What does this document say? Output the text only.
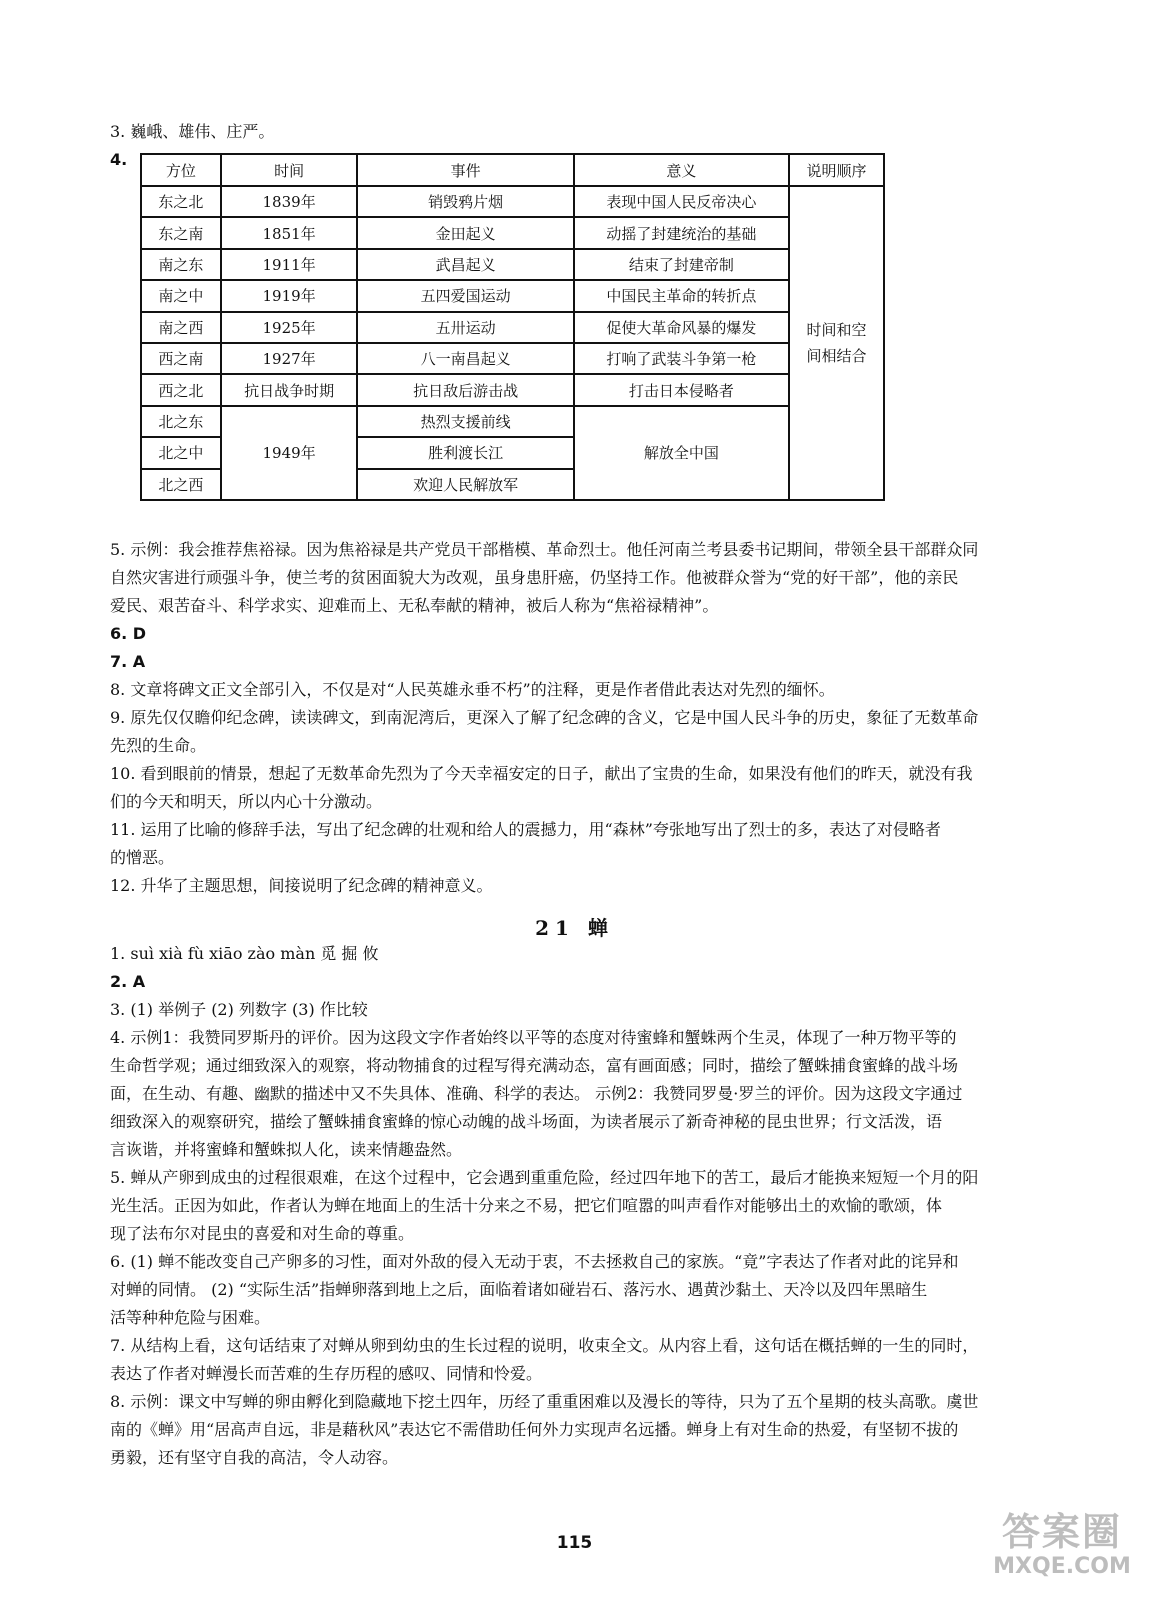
3. 巍峨、雄伟、庄严。
4.
方位	时间	事件	意义	说明顺序
东之北	1839年	销毁鸦片烟	表现中国人民反帝决心	时间和空间相结合
东之南	1851年	金田起义	动摇了封建统治的基础	
南之东	1911年	武昌起义	结束了封建帝制	
南之中	1919年	五四爱国运动	中国民主革命的转折点	
南之西	1925年	五卅运动	促使大革命风暴的爆发	
西之南	1927年	八一南昌起义	打响了武装斗争第一枪	
西之北	抗日战争时期	抗日敌后游击战	打击日本侵略者	
北之东	1949年	热烈支援前线	解放全中国	
北之中		胜利渡长江		
北之西		欢迎人民解放军		
5. 示例：我会推荐焦裕禄。因为焦裕禄是共产党员干部楷模、革命烈士。他任河南兰考县委书记期间，带领全县干部群众同
自然灾害进行顽强斗争，使兰考的贫困面貌大为改观，虽身患肝癌，仍坚持工作。他被群众誉为“党的好干部”，他的亲民
爱民、艰苦奋斗、科学求实、迎难而上、无私奉献的精神，被后人称为“焦裕禄精神”。
6. D
7. A
8. 文章将碑文正文全部引入，不仅是对“人民英雄永垂不朽”的注释，更是作者借此表达对先烈的缅怀。
9. 原先仅仅瞻仰纪念碑，读读碑文，到南泥湾后，更深入了解了纪念碑的含义，它是中国人民斗争的历史，象征了无数革命
先烈的生命。
10. 看到眼前的情景，想起了无数革命先烈为了今天幸福安定的日子，献出了宝贵的生命，如果没有他们的昨天，就没有我
们的今天和明天，所以内心十分激动。
11. 运用了比喻的修辞手法，写出了纪念碑的壮观和给人的震撼力，用“森林”夸张地写出了烈士的多，表达了对侵略者
的憎恶。
12. 升华了主题思想，间接说明了纪念碑的精神意义。
21 蝉
1. suì xià fù xiāo zào màn 觅 掘 攸
2. A
3. (1) 举例子 (2) 列数字 (3) 作比较
4. 示例1：我赞同罗斯丹的评价。因为这段文字作者始终以平等的态度对待蜜蜂和蟹蛛两个生灵，体现了一种万物平等的
生命哲学观；通过细致深入的观察，将动物捕食的过程写得充满动态，富有画面感；同时，描绘了蟹蛛捕食蜜蜂的战斗场
面，在生动、有趣、幽默的描述中又不失具体、准确、科学的表达。 示例2：我赞同罗曼·罗兰的评价。因为这段文字通过
细致深入的观察研究，描绘了蟹蛛捕食蜜蜂的惊心动魄的战斗场面，为读者展示了新奇神秘的昆虫世界；行文活泼，语
言诙谐，并将蜜蜂和蟹蛛拟人化，读来情趣盎然。
5. 蝉从产卵到成虫的过程很艰难，在这个过程中，它会遇到重重危险，经过四年地下的苦工，最后才能换来短短一个月的阳
光生活。正因为如此，作者认为蝉在地面上的生活十分来之不易，把它们喧嚣的叫声看作对能够出土的欢愉的歌颂，体
现了法布尔对昆虫的喜爱和对生命的尊重。
6. (1) 蝉不能改变自己产卵多的习性，面对外敌的侵入无动于衷，不去拯救自己的家族。“竟”字表达了作者对此的诧异和
对蝉的同情。 (2) “实际生活”指蝉卵落到地上之后，面临着诸如碰岩石、落污水、遇黄沙黏土、天冷以及四年黑暗生
活等种种危险与困难。
7. 从结构上看，这句话结束了对蝉从卵到幼虫的生长过程的说明，收束全文。从内容上看，这句话在概括蝉的一生的同时，
表达了作者对蝉漫长而苦难的生存历程的感叹、同情和怜爱。
8. 示例：课文中写蝉的卵由孵化到隐藏地下挖土四年，历经了重重困难以及漫长的等待，只为了五个星期的枝头高歌。虞世
南的《蝉》用“居高声自远，非是藉秋风”表达它不需借助任何外力实现声名远播。蝉身上有对生命的热爱，有坚韧不拔的
勇毅，还有坚守自我的高洁，令人动容。
115	答案圈
MXQE.COM
